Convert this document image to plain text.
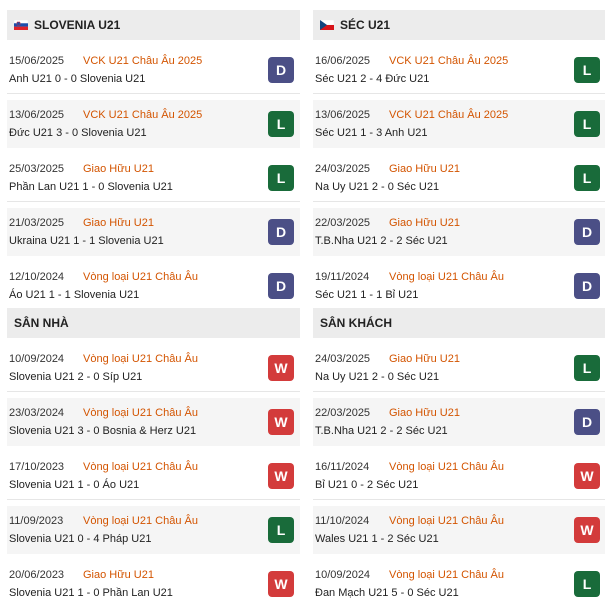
SLOVENIA U21
15/06/2025 VCK U21 Châu Âu 2025
Anh U21 0 - 0 Slovenia U21
D
13/06/2025 VCK U21 Châu Âu 2025
Đức U21 3 - 0 Slovenia U21
L
25/03/2025 Giao Hữu U21
Phần Lan U21 1 - 0 Slovenia U21
L
21/03/2025 Giao Hữu U21
Ukraina U21 1 - 1 Slovenia U21
D
12/10/2024 Vòng loại U21 Châu Âu
Áo U21 1 - 1 Slovenia U21
D
SÉC U21
16/06/2025 VCK U21 Châu Âu 2025
Séc U21 2 - 4 Đức U21
L
13/06/2025 VCK U21 Châu Âu 2025
Séc U21 1 - 3 Anh U21
L
24/03/2025 Giao Hữu U21
Na Uy U21 2 - 0 Séc U21
L
22/03/2025 Giao Hữu U21
T.B.Nha U21 2 - 2 Séc U21
D
19/11/2024 Vòng loại U21 Châu Âu
Séc U21 1 - 1 Bỉ U21
D
SÂN NHÀ
10/09/2024 Vòng loại U21 Châu Âu
Slovenia U21 2 - 0 Síp U21
W
23/03/2024 Vòng loại U21 Châu Âu
Slovenia U21 3 - 0 Bosnia & Herz U21
W
17/10/2023 Vòng loại U21 Châu Âu
Slovenia U21 1 - 0 Áo U21
W
11/09/2023 Vòng loại U21 Châu Âu
Slovenia U21 0 - 4 Pháp U21
L
20/06/2023 Giao Hữu U21
Slovenia U21 1 - 0 Phần Lan U21
W
SÂN KHÁCH
24/03/2025 Giao Hữu U21
Na Uy U21 2 - 0 Séc U21
L
22/03/2025 Giao Hữu U21
T.B.Nha U21 2 - 2 Séc U21
D
16/11/2024 Vòng loại U21 Châu Âu
Bỉ U21 0 - 2 Séc U21
W
11/10/2024 Vòng loại U21 Châu Âu
Wales U21 1 - 2 Séc U21
W
10/09/2024 Vòng loại U21 Châu Âu
Đan Mạch U21 5 - 0 Séc U21
L
